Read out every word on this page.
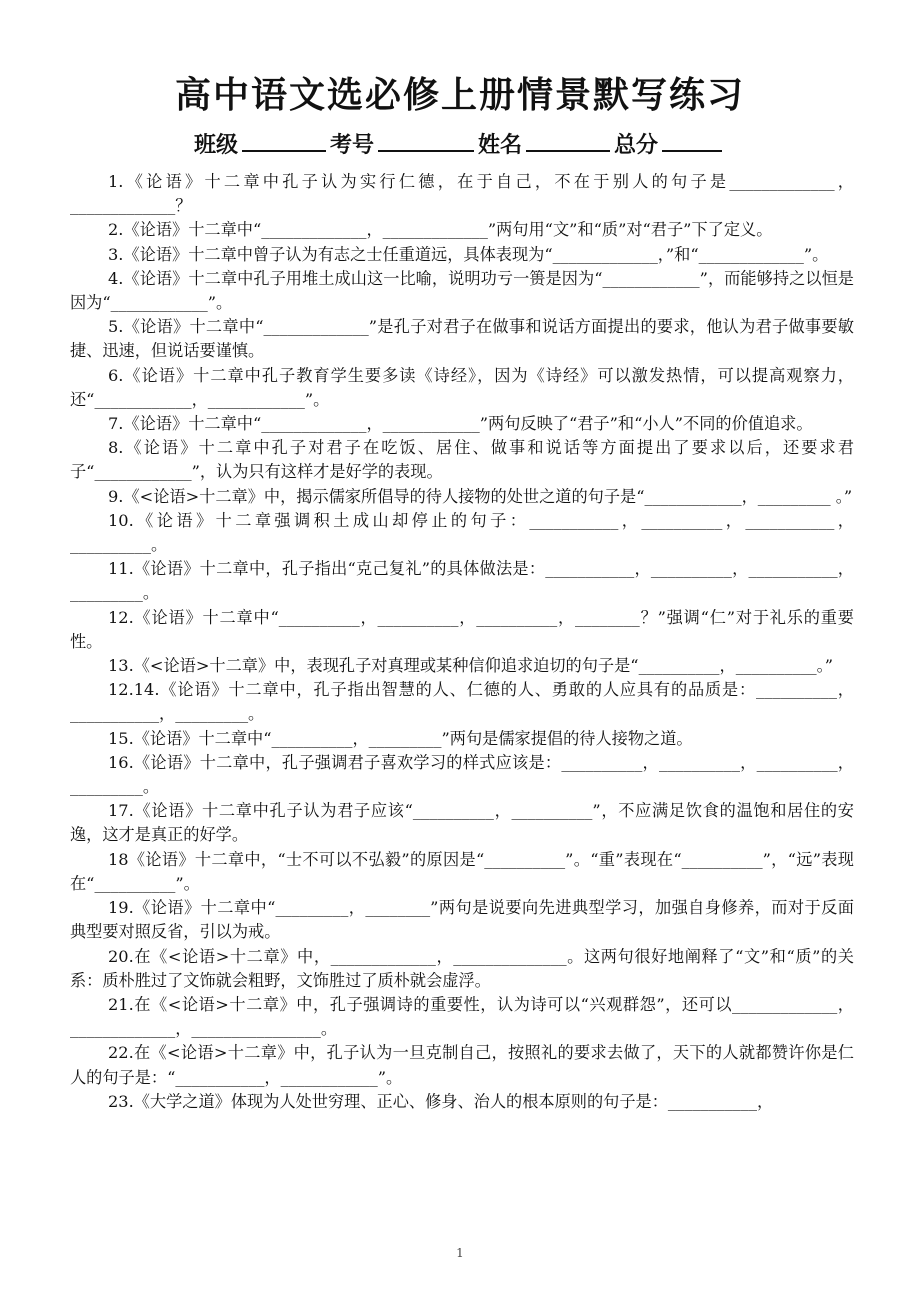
高中语文选必修上册情景默写练习
班级	考号	姓名	总分

1.《论语》十二章中孔子认为实行仁德，在于自己，不在于别人的句子是_____________，_____________？

2.《论语》十二章中“_____________，_____________”两句用“文”和“质”对“君子”下了定义。

3.《论语》十二章中曾子认为有志之士任重道远，具体表现为“_____________，”和“_____________”。

4.《论语》十二章中孔子用堆土成山这一比喻，说明功亏一篑是因为“____________”，而能够持之以恒是因为“____________”。

5.《论语》十二章中“_____________”是孔子对君子在做事和说话方面提出的要求，他认为君子做事要敏捷、迅速，但说话要谨慎。

6.《论语》十二章中孔子教育学生要多读《诗经》，因为《诗经》可以激发热情，可以提高观察力，还“____________，____________”。

7.《论语》十二章中“_____________，____________”两句反映了“君子”和“小人”不同的价值追求。

8.《论语》十二章中孔子对君子在吃饭、居住、做事和说话等方面提出了要求以后，还要求君子“____________”，认为只有这样才是好学的表现。

9.《<论语>十二章》中，揭示儒家所倡导的待人接物的处世之道的句子是“____________，_________ 。”

10.《论语》十二章强调积土成山却停止的句子：___________，__________，___________，__________。

11.《论语》十二章中，孔子指出“克己复礼”的具体做法是：___________，__________，___________，_________。

12.《论语》十二章中“__________，__________，__________，________？”强调“仁”对于礼乐的重要性。

13.《<论语>十二章》中，表现孔子对真理或某种信仰追求迫切的句子是“__________，__________。”

12.14.《论语》十二章中，孔子指出智慧的人、仁德的人、勇敢的人应具有的品质是：__________，___________，_________。

15.《论语》十二章中“__________，_________”两句是儒家提倡的待人接物之道。

16.《论语》十二章中，孔子强调君子喜欢学习的样式应该是：__________，__________，__________，_________。

17.《论语》十二章中孔子认为君子应该“__________，__________”，不应满足饮食的温饱和居住的安逸，这才是真正的好学。

18《论语》十二章中，“士不可以不弘毅”的原因是“__________”。“重”表现在“__________”，“远”表现在“__________”。

19.《论语》十二章中“_________，________”两句是说要向先进典型学习，加强自身修养，而对于反面典型要对照反省，引以为戒。

20.在《<论语>十二章》中，_____________，______________。这两句很好地阐释了“文”和“质”的关系：质朴胜过了文饰就会粗野，文饰胜过了质朴就会虚浮。

21.在《<论语>十二章》中，孔子强调诗的重要性，认为诗可以“兴观群怨”，还可以_____________，_____________，________________。

22.在《<论语>十二章》中，孔子认为一旦克制自己，按照礼的要求去做了，天下的人就都赞许你是仁人的句子是：“___________，____________”。

23.《大学之道》体现为人处世穷理、正心、修身、治人的根本原则的句子是：___________，

1
